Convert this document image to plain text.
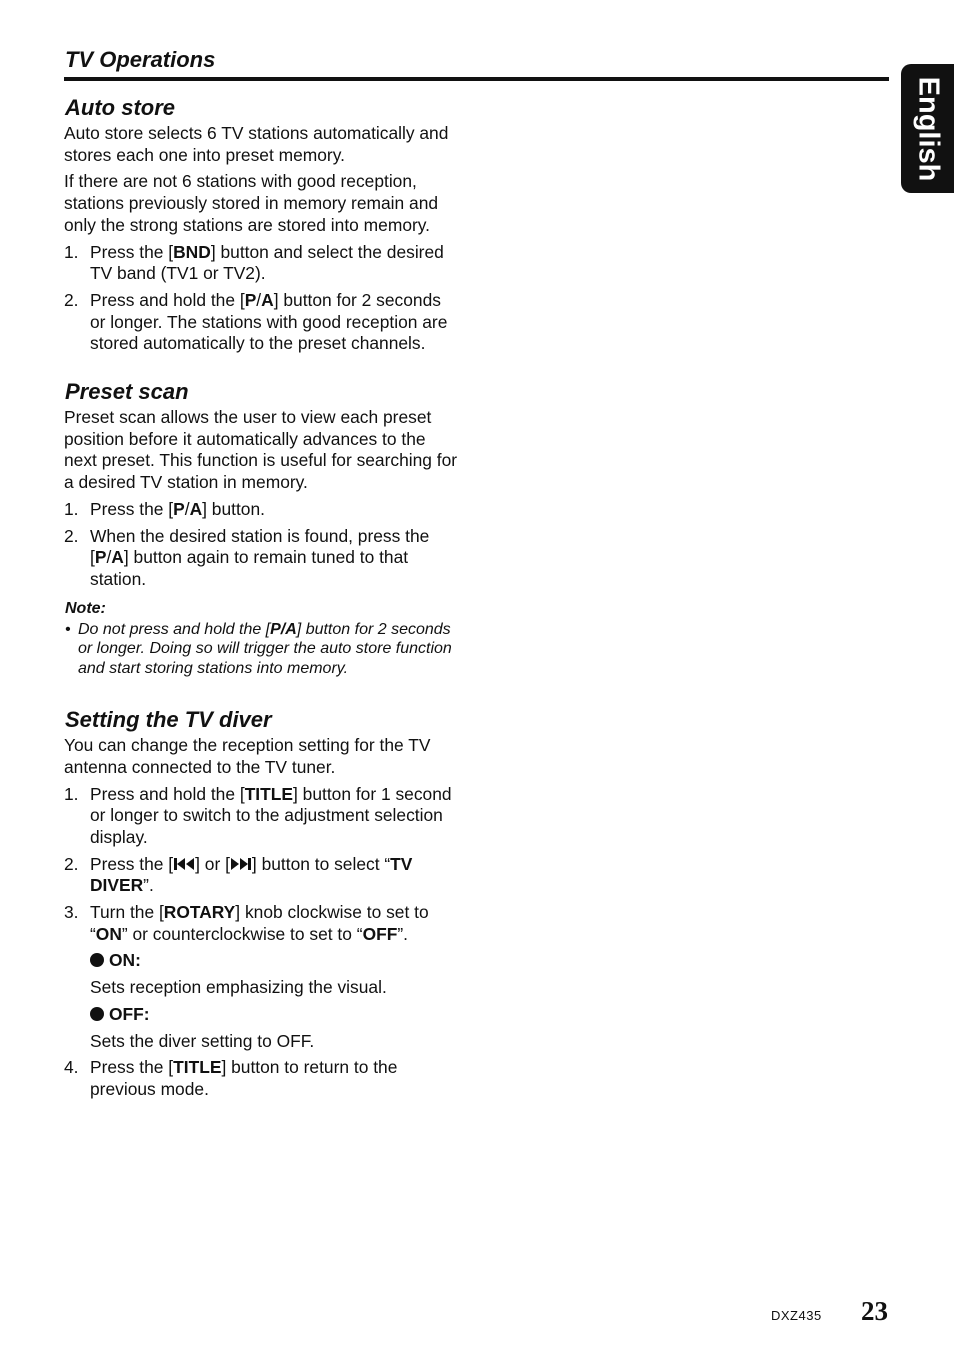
TV Operations
English
Auto store

Auto store selects 6 TV stations automatically and stores each one into preset memory.

If there are not 6 stations with good reception, stations previously stored in memory remain and only the strong stations are stored into memory.

1. Press the [BND] button and select the desired TV band (TV1 or TV2).
2. Press and hold the [P/A] button for 2 seconds or longer. The stations with good reception are stored automatically to the preset channels.
Preset scan

Preset scan allows the user to view each preset position before it automatically advances to the next preset. This function is useful for searching for a desired TV station in memory.

1. Press the [P/A] button.
2. When the desired station is found, press the [P/A] button again to remain tuned to that station.
Note:
• Do not press and hold the [P/A] button for 2 seconds or longer. Doing so will trigger the auto store function and start storing stations into memory.
Setting the TV diver

You can change the reception setting for the TV antenna connected to the TV tuner.

1. Press and hold the [TITLE] button for 1 second or longer to switch to the adjustment selection display.
2. Press the [ ] or [ ] button to select “TV DIVER”.
3. Turn the [ROTARY] knob clockwise to set to “ON” or counterclockwise to set to “OFF”.
ON:
Sets reception emphasizing the visual.
OFF:
Sets the diver setting to OFF.
4. Press the [TITLE] button to return to the previous mode.
DXZ435 23
